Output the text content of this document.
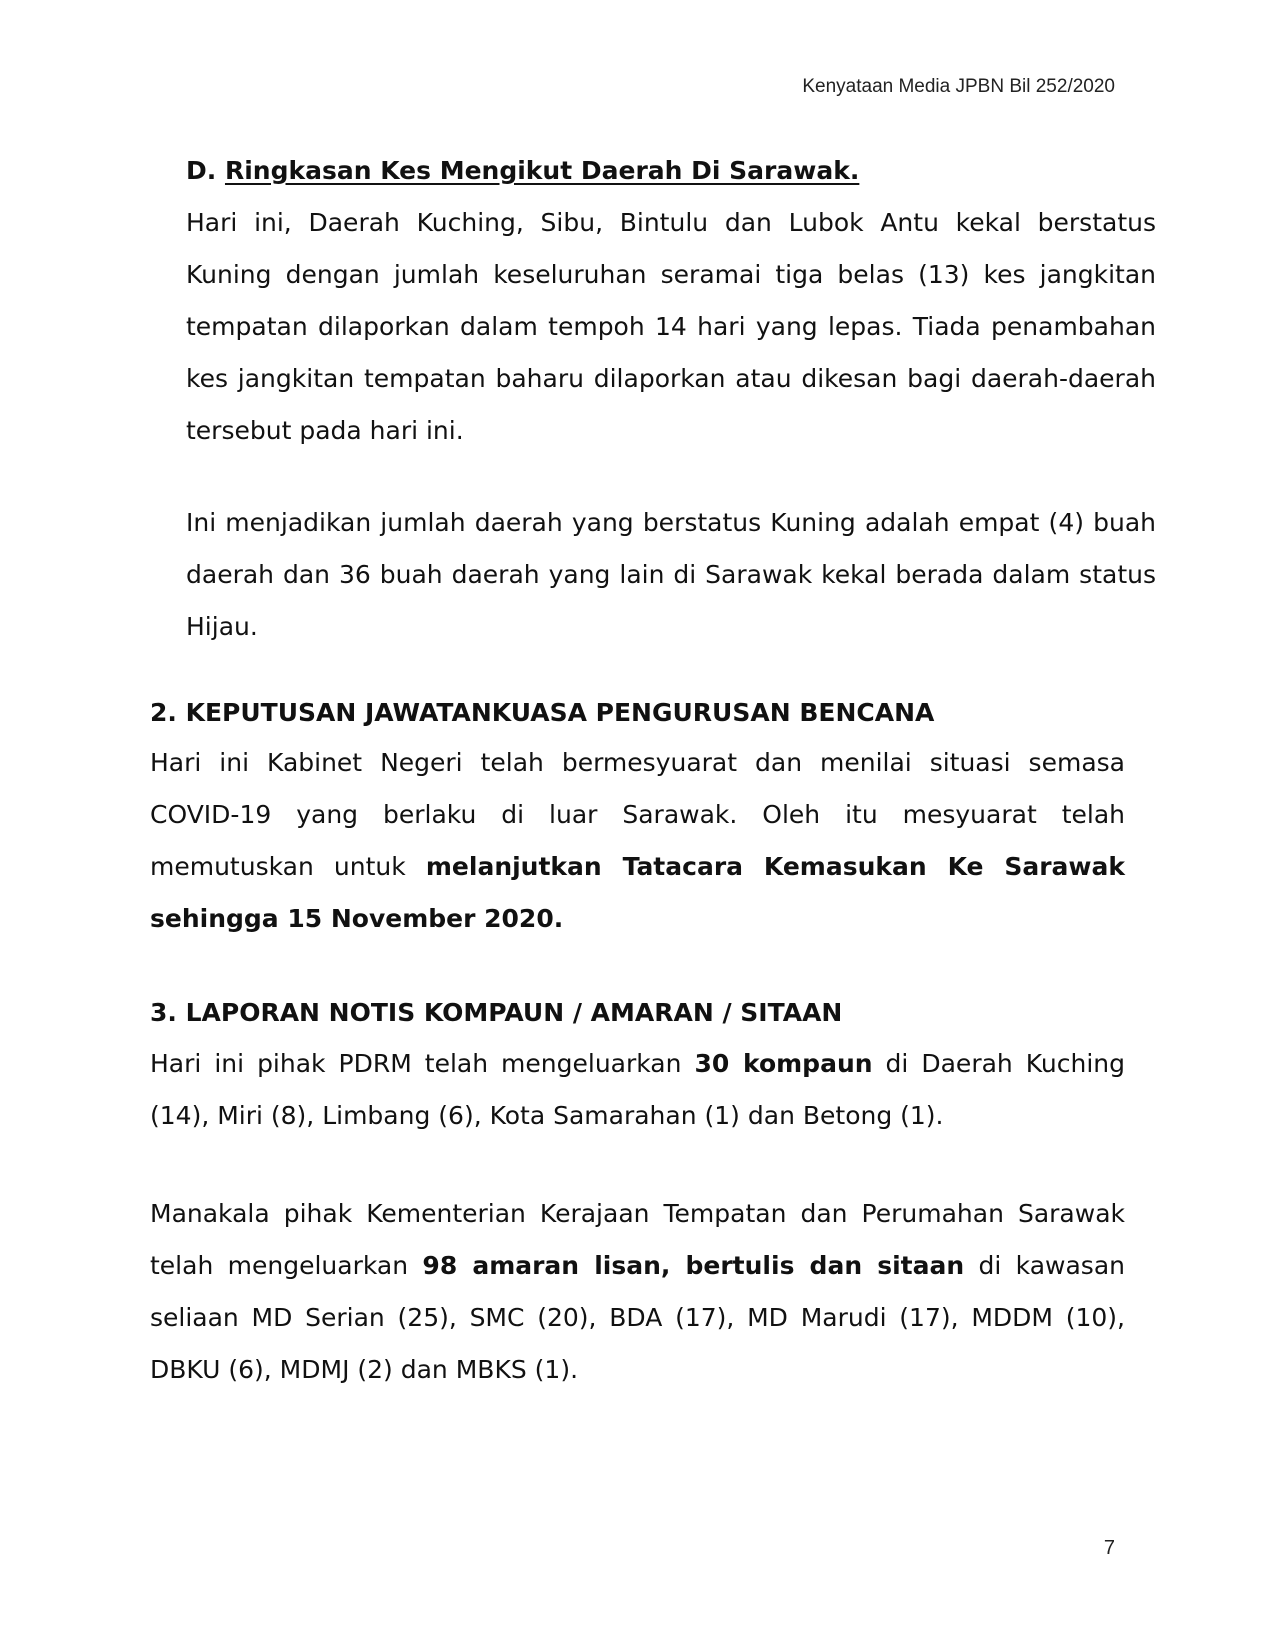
Kenyataan Media JPBN Bil 252/2020
D. Ringkasan Kes Mengikut Daerah Di Sarawak.

Hari ini, Daerah Kuching, Sibu, Bintulu dan Lubok Antu kekal berstatus Kuning dengan jumlah keseluruhan seramai tiga belas (13) kes jangkitan tempatan dilaporkan dalam tempoh 14 hari yang lepas. Tiada penambahan kes jangkitan tempatan baharu dilaporkan atau dikesan bagi daerah-daerah tersebut pada hari ini.

Ini menjadikan jumlah daerah yang berstatus Kuning adalah empat (4) buah daerah dan 36 buah daerah yang lain di Sarawak kekal berada dalam status Hijau.

2. KEPUTUSAN JAWATANKUASA PENGURUSAN BENCANA

Hari ini Kabinet Negeri telah bermesyuarat dan menilai situasi semasa COVID-19 yang berlaku di luar Sarawak. Oleh itu mesyuarat telah memutuskan untuk melanjutkan Tatacara Kemasukan Ke Sarawak sehingga 15 November 2020.

3. LAPORAN NOTIS KOMPAUN / AMARAN / SITAAN

Hari ini pihak PDRM telah mengeluarkan 30 kompaun di Daerah Kuching (14), Miri (8), Limbang (6), Kota Samarahan (1) dan Betong (1).

Manakala pihak Kementerian Kerajaan Tempatan dan Perumahan Sarawak telah mengeluarkan 98 amaran lisan, bertulis dan sitaan di kawasan seliaan MD Serian (25), SMC (20), BDA (17), MD Marudi (17), MDDM (10), DBKU (6), MDMJ (2) dan MBKS (1).

7
